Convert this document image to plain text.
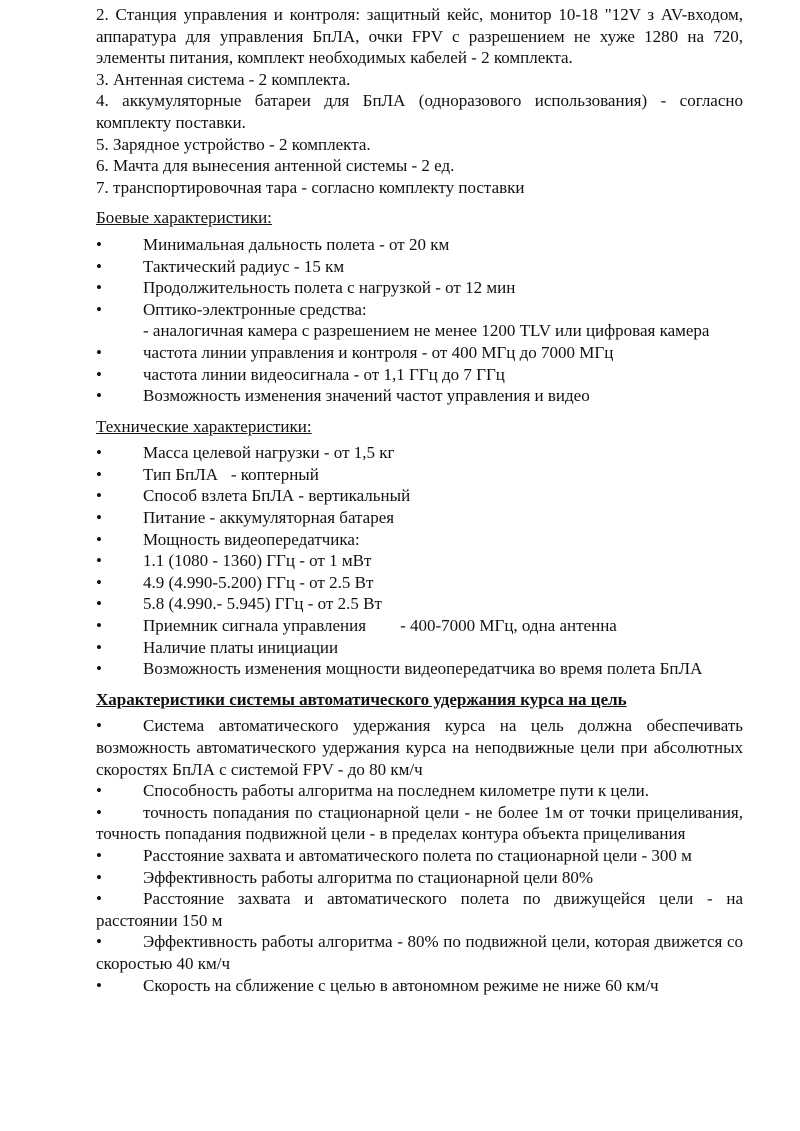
2. Станция управления и контроля: защитный кейс, монитор 10-18 "12V з AV-входом, аппаратура для управления БпЛА, очки FPV с разрешением не хуже 1280 на 720, элементы питания, комплект необходимых кабелей - 2 комплекта.

3. Антенная система - 2 комплекта.

4. аккумуляторные батареи для БпЛА (одноразового использования) - согласно комплекту поставки.

5. Зарядное устройство - 2 комплекта.

6. Мачта для вынесения антенной системы - 2 ед.

7. транспортировочная тара - согласно комплекту поставки

Боевые характеристики:

• Минимальная дальность полета - от 20 км
• Тактический радиус - 15 км
• Продолжительность полета с нагрузкой - от 12 мин
• Оптико-электронные средства:
- аналогичная камера с разрешением не менее 1200 TLV или цифровая камера
• частота линии управления и контроля - от 400 МГц до 7000 МГц
• частота линии видеосигнала - от 1,1 ГГц до 7 ГГц
• Возможность изменения значений частот управления и видео

Технические характеристики:

• Масса целевой нагрузки - от 1,5 кг
• Тип БпЛА   - коптерный
• Способ взлета БпЛА - вертикальный
• Питание - аккумуляторная батарея
• Мощность видеопередатчика:
• 1.1 (1080 - 1360) ГГц - от 1 мВт
• 4.9 (4.990-5.200) ГГц - от 2.5 Вт
• 5.8 (4.990.- 5.945) ГГц - от 2.5 Вт
• Приемник сигнала управления - 400-7000 МГц, одна антенна
• Наличие платы инициации
• Возможность изменения мощности видеопередатчика во время полета БпЛА

Характеристики системы автоматического удержания курса на цель

• Система автоматического удержания курса на цель должна обеспечивать возможность автоматического удержания курса на неподвижные цели при абсолютных скоростях БпЛА с системой FPV - до 80 км/ч
• Способность работы алгоритма на последнем километре пути к цели.
• точность попадания по стационарной цели - не более 1м от точки прицеливания, точность попадания подвижной цели - в пределах контура объекта прицеливания
• Расстояние захвата и автоматического полета по стационарной цели - 300 м
• Эффективность работы алгоритма по стационарной цели 80%
• Расстояние захвата и автоматического полета по движущейся цели - на расстоянии 150 м
• Эффективность работы алгоритма - 80% по подвижной цели, которая движется со скоростью 40 км/ч
• Скорость на сближение с целью в автономном режиме не ниже 60 км/ч
